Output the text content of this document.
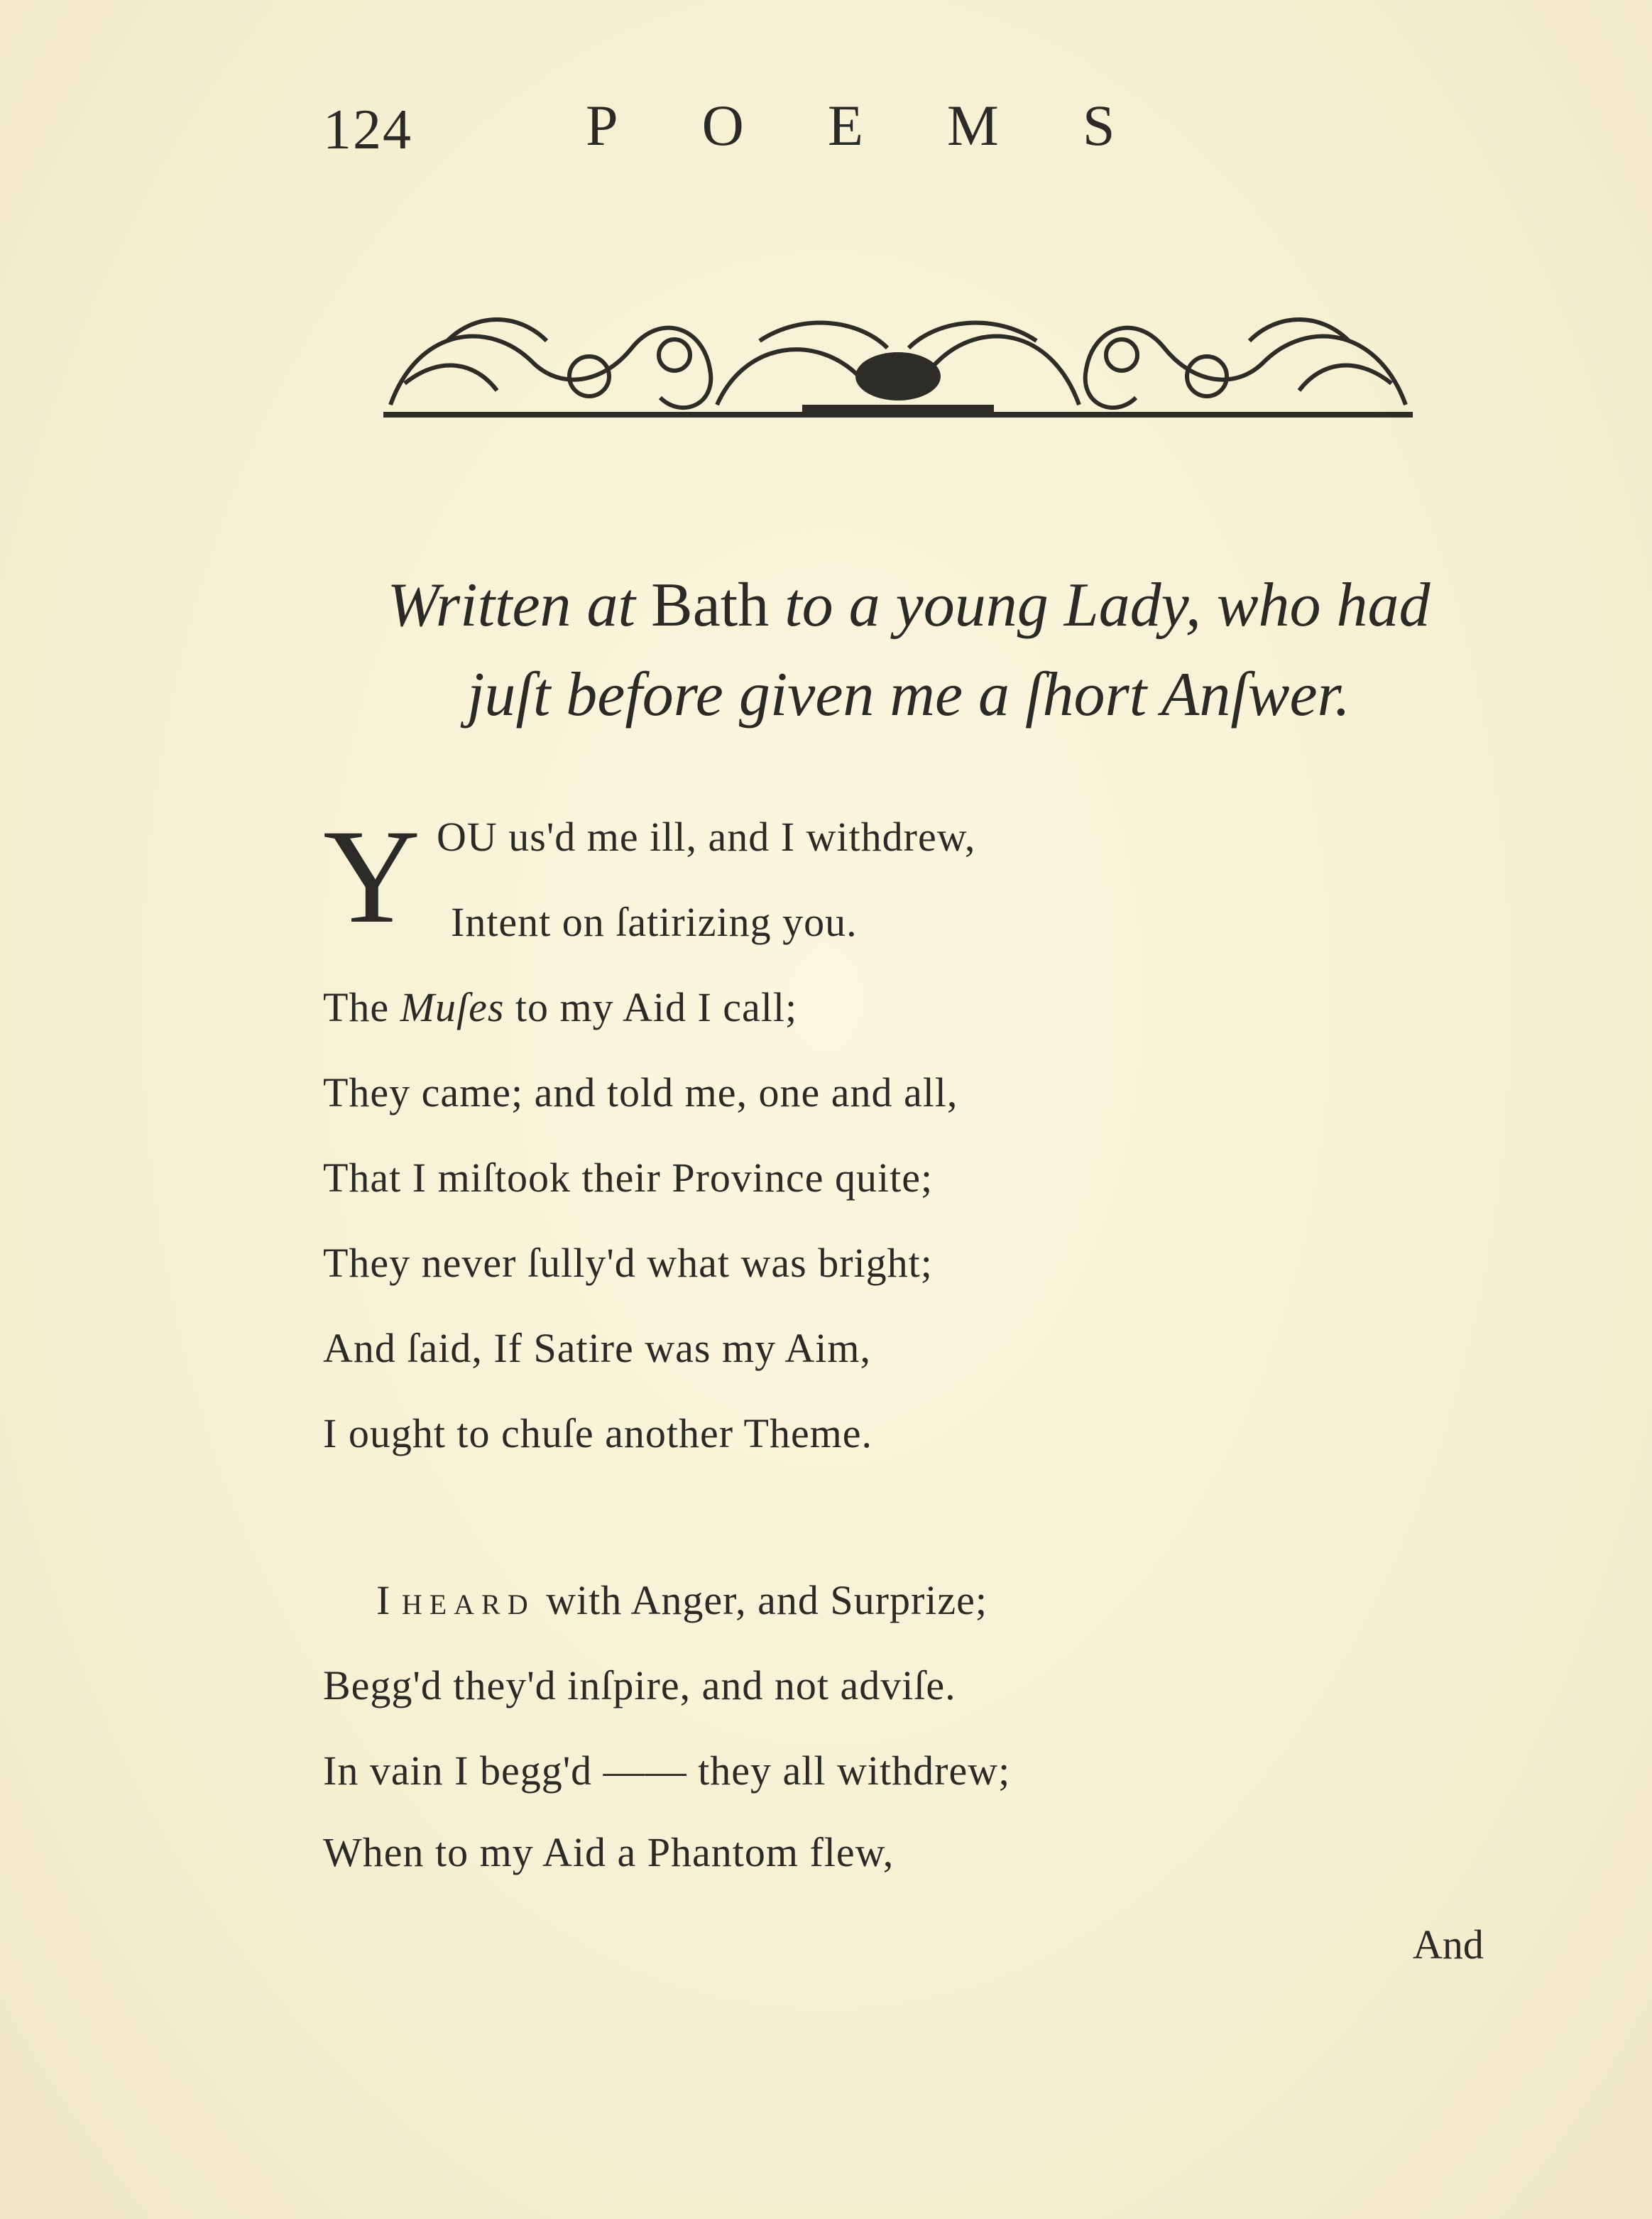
124	POEMS
Written at Bath to a young Lady, who had
juſt before given me a ſhort Anſwer.
Y OU us'd me ill, and I withdrew,
Intent on ſatirizing you.
The Muſes to my Aid I call;
They came; and told me, one and all,
That I miſtook their Province quite;
They never ſully'd what was bright;
And ſaid, If Satire was my Aim,
I ought to chuſe another Theme.
I HEARD with Anger, and Surprize;
Begg'd they'd inſpire, and not adviſe.
In vain I begg'd —— they all withdrew;
When to my Aid a Phantom flew,
And
